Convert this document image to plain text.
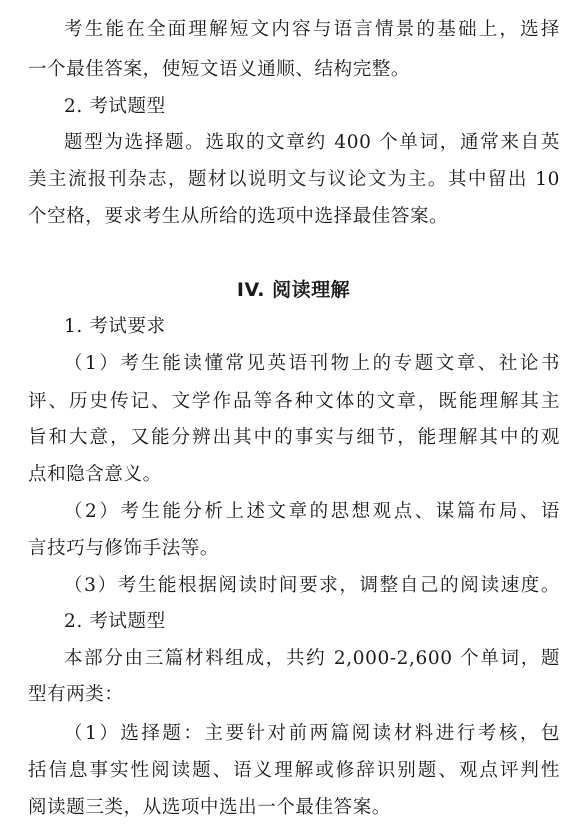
考生能在全面理解短文内容与语言情景的基础上，选择
一个最佳答案，使短文语义通顺、结构完整。
2. 考试题型
题型为选择题。选取的文章约 400 个单词，通常来自英
美主流报刊杂志，题材以说明文与议论文为主。其中留出 10
个空格，要求考生从所给的选项中选择最佳答案。
IV. 阅读理解
1. 考试要求
（1）考生能读懂常见英语刊物上的专题文章、社论书
评、历史传记、文学作品等各种文体的文章，既能理解其主
旨和大意，又能分辨出其中的事实与细节，能理解其中的观
点和隐含意义。
（2）考生能分析上述文章的思想观点、谋篇布局、语
言技巧与修饰手法等。
（3）考生能根据阅读时间要求，调整自己的阅读速度。
2. 考试题型
本部分由三篇材料组成，共约 2,000-2,600 个单词，题
型有两类：
（1）选择题：主要针对前两篇阅读材料进行考核，包
括信息事实性阅读题、语义理解或修辞识别题、观点评判性
阅读题三类，从选项中选出一个最佳答案。
